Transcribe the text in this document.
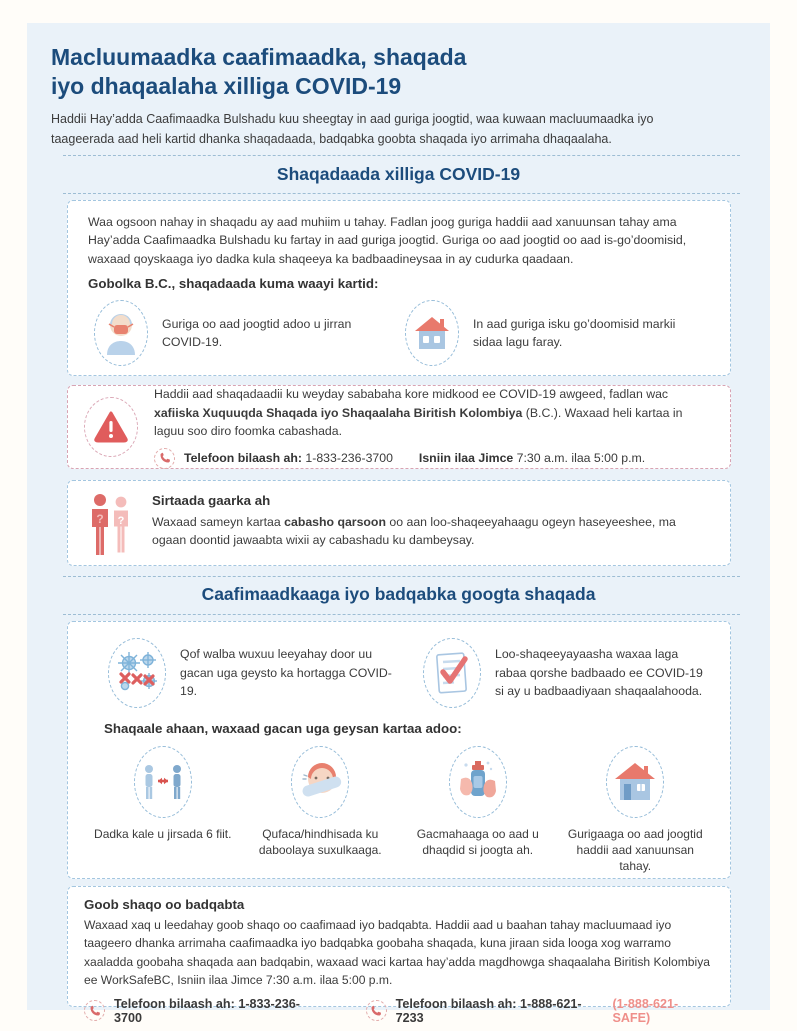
Macluumaadka caafimaadka, shaqada
iyo dhaqaalaha xilliga COVID-19

Haddii Hay’adda Caafimaadka Bulshadu kuu sheegtay in aad guriga joogtid, waa kuwaan macluumaadka iyo taageerada aad heli kartid dhanka shaqadaada, badqabka goobta shaqada iyo arrimaha dhaqaalaha.

Shaqadaada xilliga COVID-19

Waa ogsoon nahay in shaqadu ay aad muhiim u tahay. Fadlan joog guriga haddii aad xanuunsan tahay ama Hay’adda Caafimaadka Bulshadu ku fartay in aad guriga joogtid. Guriga oo aad joogtid oo aad is-go’doomisid, waxaad qoyskaaga iyo dadka kula shaqeeya ka badbaadineysaa in ay cudurka qaadaan.

Gobolka B.C., shaqadaada kuma waayi kartid:
Guriga oo aad joogtid adoo u jirran COVID-19.
In aad guriga isku go’doomisid markii sidaa lagu faray.

Haddii aad shaqadaadii ku weyday sababaha kore midkood ee COVID-19 awgeed, fadlan wac xafiiska Xuquuqda Shaqada iyo Shaqaalaha Biritish Kolombiya (B.C.). Waxaad heli kartaa in laguu soo diro foomka cabashada.

Telefoon bilaash ah:
1-833-236-3700 Isniin ilaa Jimce
7:30 a.m. ilaa 5:00 p.m.
? ?
Sirtaada gaarka ah

Waxaad sameyn kartaa cabasho qarsoon oo aan loo-shaqeeyahaagu ogeyn haseyeeshee, ma ogaan doontid jawaabta wixii ay cabashadu ku dambeysay.

Caafimaadkaaga iyo badqabka googta shaqada
Qof walba wuxuu leeyahay door uu gacan uga geysto ka hortagga COVID-19.
Loo-shaqeeyayaasha waxaa laga rabaa qorshe badbaado ee COVID-19 si ay u badbaadiyaan shaqaalahooda.
Shaqaale ahaan, waxaad gacan uga geysan kartaa adoo:
Dadka kale u jirsada 6 fiit.	Qufaca/hindhisada ku daboolaya suxulkaaga.
Gacmahaaga oo aad u dhaqdid si joogta ah.
Gurigaaga oo aad joogtid haddii aad xanuunsan tahay.
Goob shaqo oo badqabta

Waxaad xaq u leedahay goob shaqo oo caafimaad iyo badqabta. Haddii aad u baahan tahay macluumaad iyo taageero dhanka arrimaha caafimaadka iyo badqabka goobaha shaqada, kuna jiraan sida looga xog warramo xaaladda goobaha shaqada aan badqabin, waxaad waci kartaa hay’adda magdhowga shaqaalaha Biritish Kolombiya ee WorkSafeBC, Isniin ilaa Jimce 7:30 a.m. ilaa 5:00 p.m.

Telefoon bilaash ah: 1-833-236-3700
Telefoon bilaash ah: 1-888-621-7233
(1-888-621-SAFE)
